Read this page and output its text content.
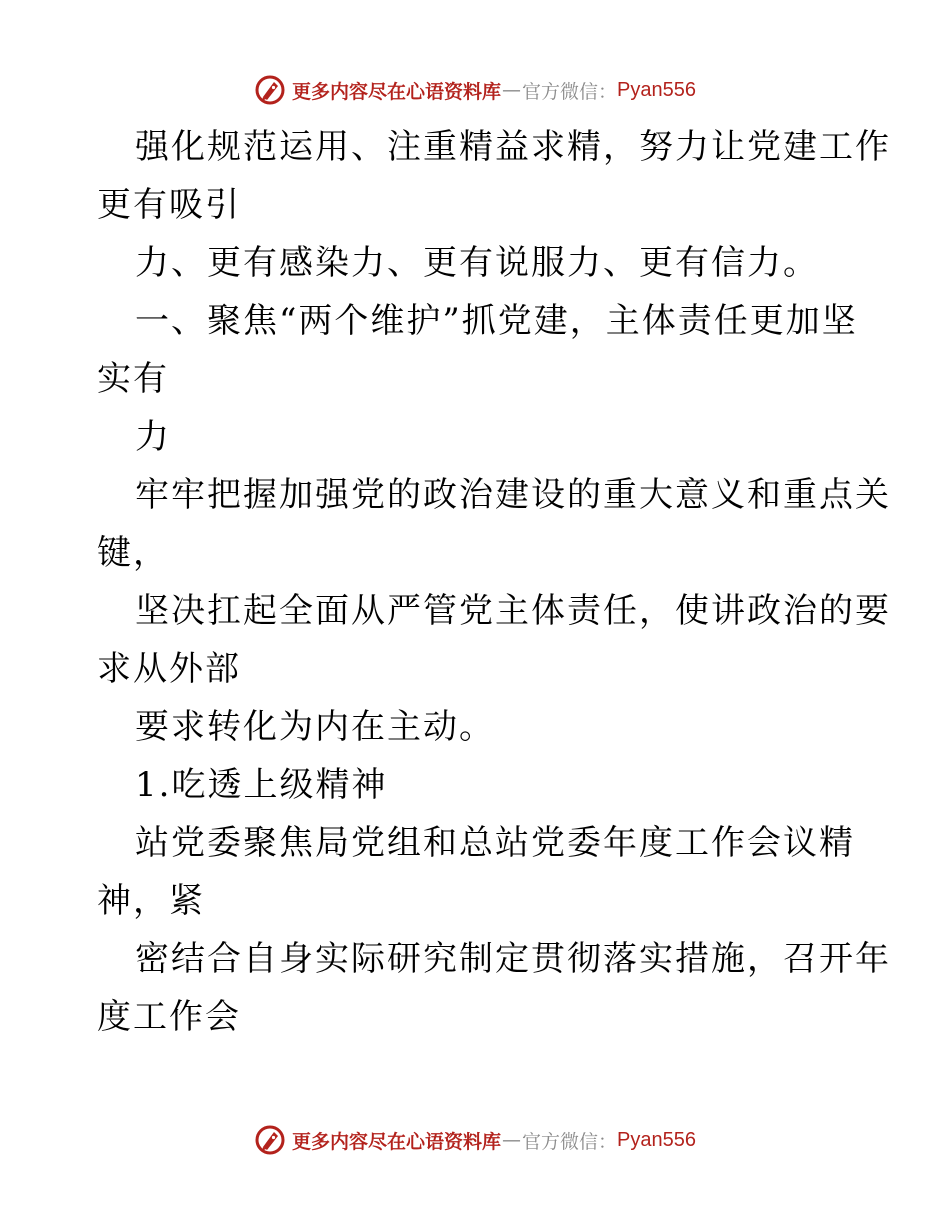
更多内容尽在心语资料库 — 官方微信： Pyan556
强化规范运用、注重精益求精，努力让党建工作
更有吸引
力、更有感染力、更有说服力、更有信力。
一、聚焦“两个维护”抓党建，主体责任更加坚
实有
力
牢牢把握加强党的政治建设的重大意义和重点关
键，
坚决扛起全面从严管党主体责任，使讲政治的要
求从外部
要求转化为内在主动。
1.吃透上级精神
站党委聚焦局党组和总站党委年度工作会议精
神，紧
密结合自身实际研究制定贯彻落实措施，召开年
度工作会
更多内容尽在心语资料库 — 官方微信： Pyan556
